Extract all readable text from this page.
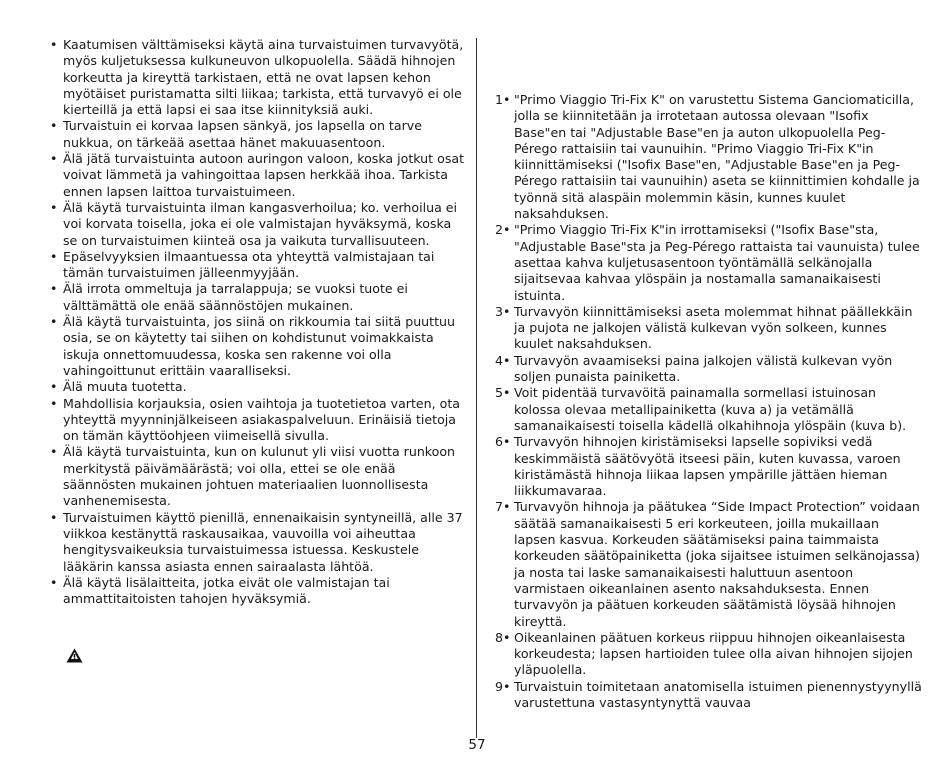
• Kaatumisen välttämiseksi käytä aina turvaistuimen turvavyötä, myös kuljetuksessa kulkuneuvon ulkopuolella. Säädä hihnojen korkeutta ja kireyttä tarkistaen, että ne ovat lapsen kehon myötäiset puristamatta silti liikaa; tarkista, että turvavyö ei ole kierteillä ja että lapsi ei saa itse kiinnityksiä auki.
• Turvaistuin ei korvaa lapsen sänkyä, jos lapsella on tarve nukkua, on tärkeää asettaa hänet makuuasentoon.
• Älä jätä turvaistuinta autoon auringon valoon, koska jotkut osat voivat lämmetä ja vahingoittaa lapsen herkkää ihoa. Tarkista ennen lapsen laittoa turvaistuimeen.
• Älä käytä turvaistuinta ilman kangasverhoilua; ko. verhoilua ei voi korvata toisella, joka ei ole valmistajan hyväksymä, koska se on turvaistuimen kiinteä osa ja vaikuta turvallisuuteen.
• Epäselvyyksien ilmaantuessa ota yhteyttä valmistajaan tai tämän turvaistuimen jälleenmyyjään.
• Älä irrota ommeltuja ja tarralappuja; se vuoksi tuote ei välttämättä ole enää säännöstöjen mukainen.
• Älä käytä turvaistuinta, jos siinä on rikkoumia tai siitä puuttuu osia, se on käytetty tai siihen on kohdistunut voimakkaista iskuja onnettomuudessa, koska sen rakenne voi olla vahingoittunut erittäin vaaralliseksi.
• Älä muuta tuotetta.
• Mahdollisia korjauksia, osien vaihtoja ja tuotetietoa varten, ota yhteyttä myynninjälkeiseen asiakaspalveluun. Erinäisiä tietoja on tämän käyttöohjeen viimeisellä sivulla.
• Älä käytä turvaistuinta, kun on kulunut yli viisi vuotta runkoon merkitystä päivämäärästä; voi olla, ettei se ole enää säännösten mukainen johtuen materiaalien luonnollisesta vanhenemisesta.
• Turvaistuimen käyttö pienillä, ennenaikaisin syntyneillä, alle 37 viikkoa kestänyttä raskausaikaa, vauvoilla voi aiheuttaa hengitysvaikeuksia turvaistuimessa istuessa. Keskustele lääkärin kanssa asiasta ennen sairaalasta lähtöä.
• Älä käytä lisälaitteita, jotka eivät ole valmistajan tai ammattitaitoisten tahojen hyväksymiä.
1• "Primo Viaggio Tri-Fix K" on varustettu Sistema Ganciomaticilla, jolla se kiinnitetään ja irrotetaan autossa olevaan "Isofix Base"en tai "Adjustable Base"en ja auton ulkopuolella Peg-Pérego rattaisiin tai vaunuihin. "Primo Viaggio Tri-Fix K"in kiinnittämiseksi ("Isofix Base"en, "Adjustable Base"en ja Peg-Pérego rattaisiin tai vaunuihin) aseta se kiinnittimien kohdalle ja työnnä sitä alaspäin molemmin käsin, kunnes kuulet naksahduksen.
2• "Primo Viaggio Tri-Fix K"in irrottamiseksi ("Isofix Base"sta, "Adjustable Base"sta ja Peg-Pérego rattaista tai vaunuista) tulee asettaa kahva kuljetusasentoon työntämällä selkänojalla sijaitsevaa kahvaa ylöspäin ja nostamalla samanaikaisesti istuinta.
3• Turvavyön kiinnittämiseksi aseta molemmat hihnat päällekkäin ja pujota ne jalkojen välistä kulkevan vyön solkeen, kunnes kuulet naksahduksen.
4• Turvavyön avaamiseksi paina jalkojen välistä kulkevan vyön soljen punaista painiketta.
5• Voit pidentää turvavöitä painamalla sormellasi istuinosan kolossa olevaa metallipainiketta (kuva a) ja vetämällä samanaikaisesti toisella kädellä olkahihnoja ylöspäin (kuva b).
6• Turvavyön hihnojen kiristämiseksi lapselle sopiviksi vedä keskimmäistä säätövyötä itseesi päin, kuten kuvassa, varoen kiristämästä hihnoja liikaa lapsen ympärille jättäen hieman liikkumavaraa.
7• Turvavyön hihnoja ja päätukea “Side Impact Protection” voidaan säätää samanaikaisesti 5 eri korkeuteen, joilla mukaillaan lapsen kasvua. Korkeuden säätämiseksi paina taimmaista korkeuden säätöpainiketta (joka sijaitsee istuimen selkänojassa) ja nosta tai laske samanaikaisesti haluttuun asentoon varmistaen oikeanlainen asento naksahduksesta. Ennen turvavyön ja päätuen korkeuden säätämistä löysää hihnojen kireyttä.
8• Oikeanlainen päätuen korkeus riippuu hihnojen oikeanlaisesta korkeudesta; lapsen hartioiden tulee olla aivan hihnojen sijojen yläpuolella.
9• Turvaistuin toimitetaan anatomisella istuimen pienennystyynyllä varustettuna vastasyntynyttä vauvaa
57
